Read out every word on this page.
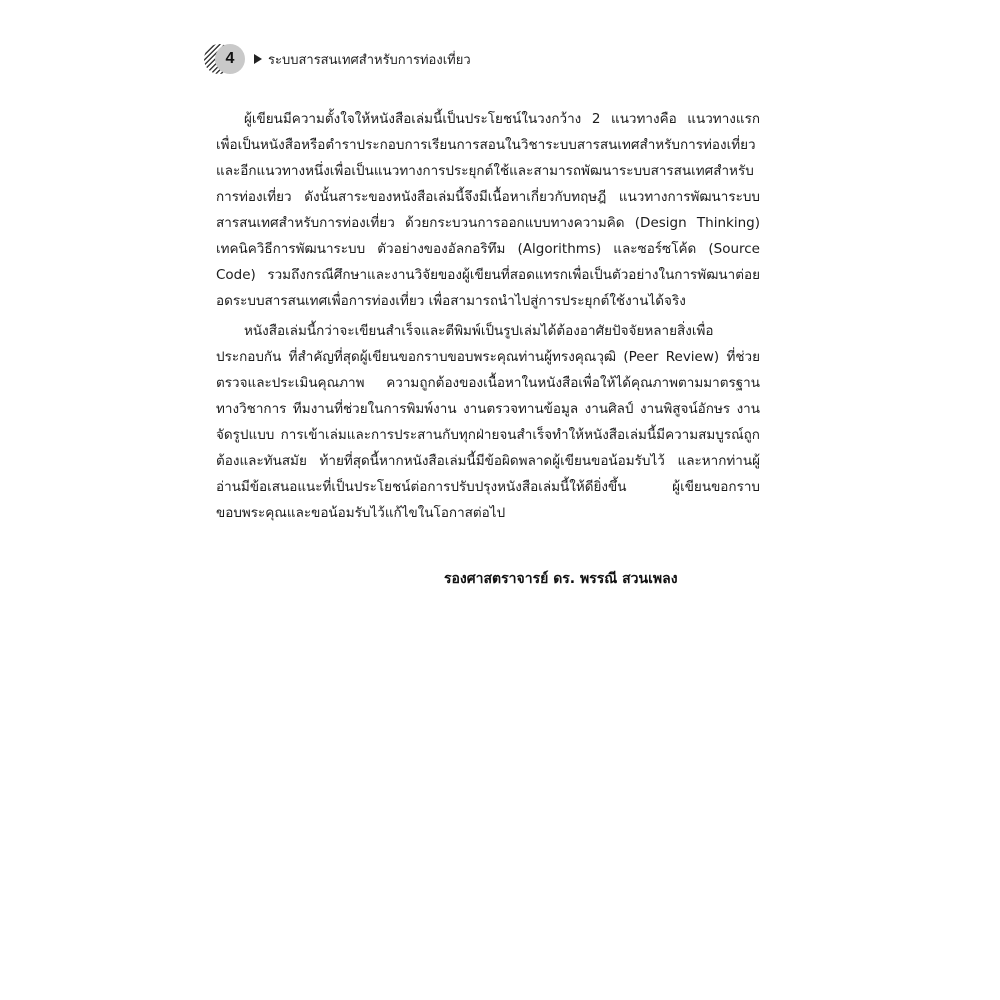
4	ระบบสารสนเทศสำหรับการท่องเที่ยว

ผู้เขียนมีความตั้งใจให้หนังสือเล่มนี้เป็นประโยชน์ในวงกว้าง 2 แนวทางคือ แนวทางแรกเพื่อเป็นหนังสือหรือตำราประกอบการเรียนการสอนในวิชาระบบสารสนเทศสำหรับการท่องเที่ยวและอีกแนวทางหนึ่งเพื่อเป็นแนวทางการประยุกต์ใช้และสามารถพัฒนาระบบสารสนเทศสำหรับการท่องเที่ยว ดังนั้นสาระของหนังสือเล่มนี้จึงมีเนื้อหาเกี่ยวกับทฤษฎี แนวทางการพัฒนาระบบสารสนเทศสำหรับการท่องเที่ยว ด้วยกระบวนการออกแบบทางความคิด (Design Thinking) เทคนิควิธีการพัฒนาระบบ ตัวอย่างของอัลกอริทึม (Algorithms) และซอร์ซโค้ด (Source Code) รวมถึงกรณีศึกษาและงานวิจัยของผู้เขียนที่สอดแทรกเพื่อเป็นตัวอย่างในการพัฒนาต่อยอดระบบสารสนเทศเพื่อการท่องเที่ยว เพื่อสามารถนำไปสู่การประยุกต์ใช้งานได้จริง

หนังสือเล่มนี้กว่าจะเขียนสำเร็จและตีพิมพ์เป็นรูปเล่มได้ต้องอาศัยปัจจัยหลายสิ่งเพื่อประกอบกัน ที่สำคัญที่สุดผู้เขียนขอกราบขอบพระคุณท่านผู้ทรงคุณวุฒิ (Peer Review) ที่ช่วยตรวจและประเมินคุณภาพ ความถูกต้องของเนื้อหาในหนังสือเพื่อให้ได้คุณภาพตามมาตรฐานทางวิชาการ ทีมงานที่ช่วยในการพิมพ์งาน งานตรวจทานข้อมูล งานศิลป์ งานพิสูจน์อักษร งานจัดรูปแบบ การเข้าเล่มและการประสานกับทุกฝ่ายจนสำเร็จทำให้หนังสือเล่มนี้มีความสมบูรณ์ถูกต้องและทันสมัย ท้ายที่สุดนี้หากหนังสือเล่มนี้มีข้อผิดพลาดผู้เขียนขอน้อมรับไว้ และหากท่านผู้อ่านมีข้อเสนอแนะที่เป็นประโยชน์ต่อการปรับปรุงหนังสือเล่มนี้ให้ดียิ่งขึ้น ผู้เขียนขอกราบขอบพระคุณและขอน้อมรับไว้แก้ไขในโอกาสต่อไป

รองศาสตราจารย์ ดร. พรรณี สวนเพลง
